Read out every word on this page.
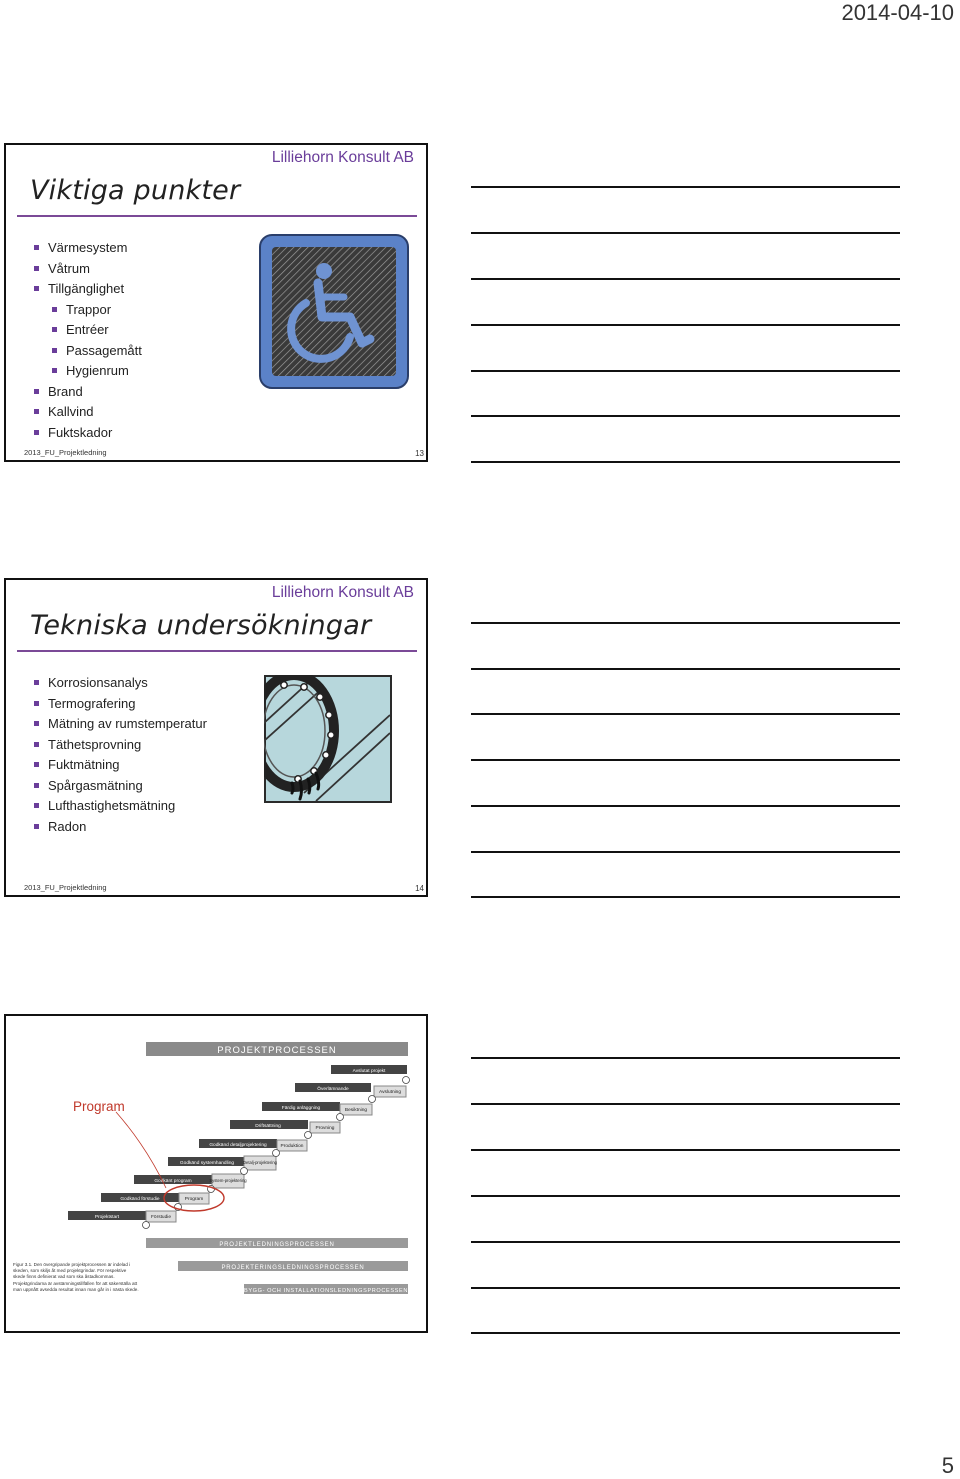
2014-04-10
Lilliehorn Konsult AB
Viktiga punkter
Värmesystem
Våtrum
Tillgänglighet
Trappor
Entréer
Passagemått
Hygienrum
Brand
Kallvind
Fuktskador
2013_FU_Projektledning	13
Lilliehorn Konsult AB
Tekniska undersökningar
Korrosionsanalys
Termografering
Mätning av rumstemperatur
Täthetsprovning
Fuktmätning
Spårgasmätning
Lufthastighetsmätning
Radon
2013_FU_Projektledning	14
Program
PROJEKTPROCESSEN
Avslutat projekt
Överlämnande
Avslutning
Färdig anläggning	Besiktning
Driftsättning	Provning
Godkänd detaljprojektering	Produktion
Godkänd systemhandling Detalj-projektering
Godkänt program	System-projektering
Godkänd förstudie	Program
Projektstart	Förstudie
PROJEKTLEDNINGSPROCESSEN
PROJEKTERINGSLEDNINGSPROCESSEN
BYGG- OCH INSTALLATIONSLEDNINGSPROCESSEN
Figur 3.1. Den övergripande projektprocessen är indelad i skeden, som skiljs åt med projektgrindar. För respektive skede finns definierat vad som ska åstadkommas. Projektgrindarna är avstämningstillfällen för att säkerställa att man uppnått avsedda resultat innan man går in i nästa skede.
5
